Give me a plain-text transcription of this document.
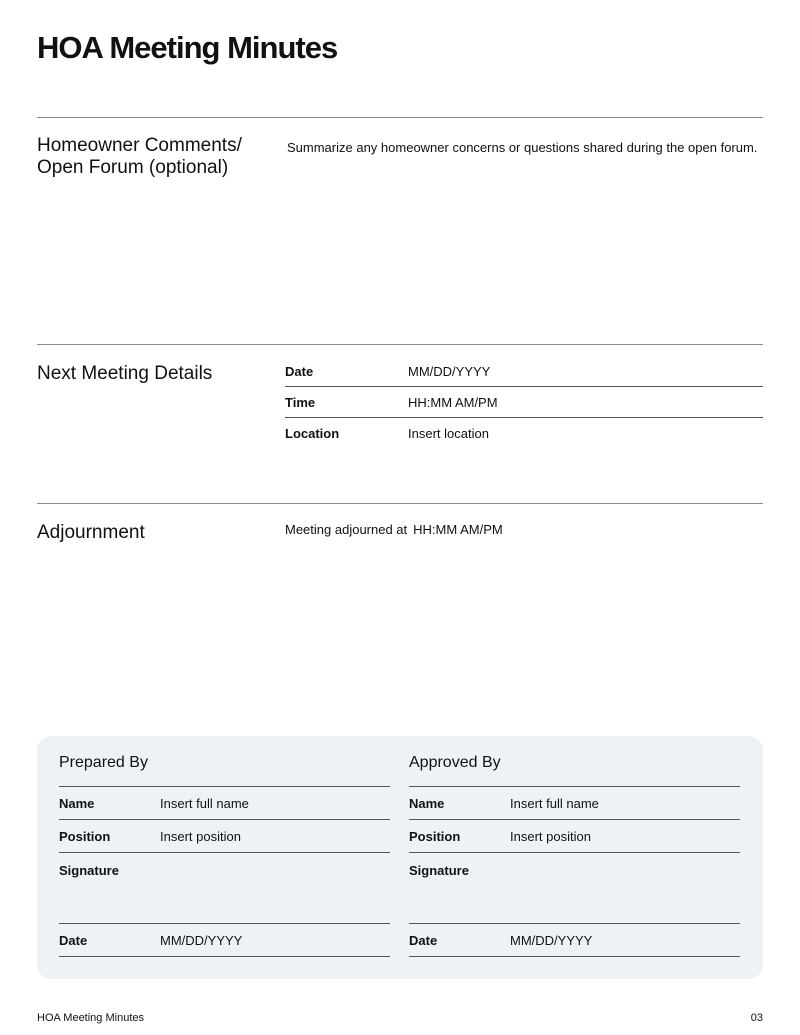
HOA Meeting Minutes
Homeowner Comments/ Open Forum (optional)
Summarize any homeowner concerns or questions shared during the open forum.
Next Meeting Details	Date	MM/DD/YYYY
Time	HH:MM AM/PM
Location	Insert location
Adjournment	Meeting adjourned at HH:MM AM/PM
Prepared By
Name	Insert full name
Position	Insert position
Signature
Date	MM/DD/YYYY
Approved By
Name	Insert full name
Position	Insert position
Signature
Date	MM/DD/YYYY
HOA Meeting Minutes	03
